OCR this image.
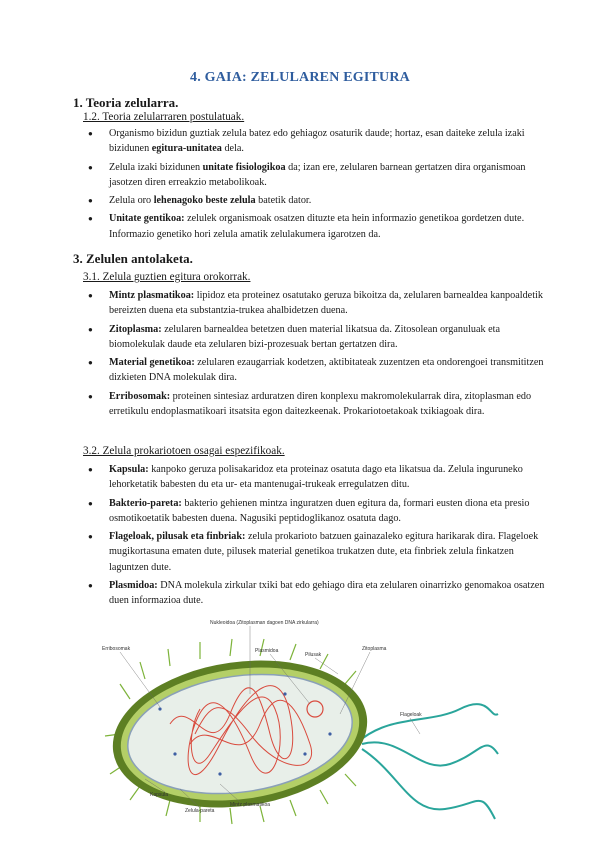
4. GAIA: ZELULAREN EGITURA
1. Teoria zelularra.
1.2. Teoria zelularraren postulatuak.
● Organismo bizidun guztiak zelula batez edo gehiagoz osaturik daude; hortaz, esan daiteke zelula izaki bizidunen egitura-unitatea dela.
● Zelula izaki bizidunen unitate fisiologikoa da; izan ere, zelularen barnean gertatzen dira organismoan jasotzen diren erreakzio metabolikoak.
● Zelula oro lehenagoko beste zelula batetik dator.
● Unitate gentikoa: zelulek organismoak osatzen dituzte eta hein informazio genetikoa gordetzen dute. Informazio genetiko hori zelula amatik zelulakumera igarotzen da.
3. Zelulen antolaketa.
3.1. Zelula guztien egitura orokorrak.
● Mintz plasmatikoa: lipidoz eta proteinez osatutako geruza bikoitza da, zelularen barnealdea kanpoaldetik bereizten duena eta substantzia-trukea ahalbidetzen duena.
● Zitoplasma: zelularen barnealdea betetzen duen material likatsua da. Zitosolean organuluak eta biomolekulak daude eta zelularen bizi-prozesuak bertan gertatzen dira.
● Material genetikoa: zelularen ezaugarriak kodetzen, aktibitateak zuzentzen eta ondorengoei transmititzen dizkieten DNA molekulak dira.
● Erribosomak: proteinen sintesiaz arduratzen diren konplexu makromolekularrak dira, zitoplasman edo erretikulu endoplasmatikoari itsatsita egon daitezkeenak. Prokariotoetakoak txikiagoak dira.
3.2. Zelula prokariotoen osagai espezifikoak.
● Kapsula: kanpoko geruza polisakaridoz eta proteinaz osatuta dago eta likatsua da. Zelula inguruneko lehorketatik babesten du eta ur- eta mantenugai-trukeak erregulatzen ditu.
● Bakterio-pareta: bakterio gehienen mintza inguratzen duen egitura da, formari eusten diona eta presio osmotikoetatik babesten duena. Nagusiki peptidoglikanoz osatuta dago.
● Flageloak, pilusak eta finbriak: zelula prokarioto batzuen gainazaleko egitura harikarak dira. Flageloek mugikortasuna ematen dute, pilusek material genetikoa trukatzen dute, eta finbriek zelula finkatzen laguntzen dute.
● Plasmidoa: DNA molekula zirkular txiki bat edo gehiago dira eta zelularen oinarrizko genomakoa osatzen duen informazioa dute.
Nukleoidoa (Zitoplasman dagoen DNA zirkularra)
Erribosomak	Plasmidoa
Pilusak
Zitoplasma
Flageloak
Kapsula
Zelula-pareta
Mintz plasmatikoa
